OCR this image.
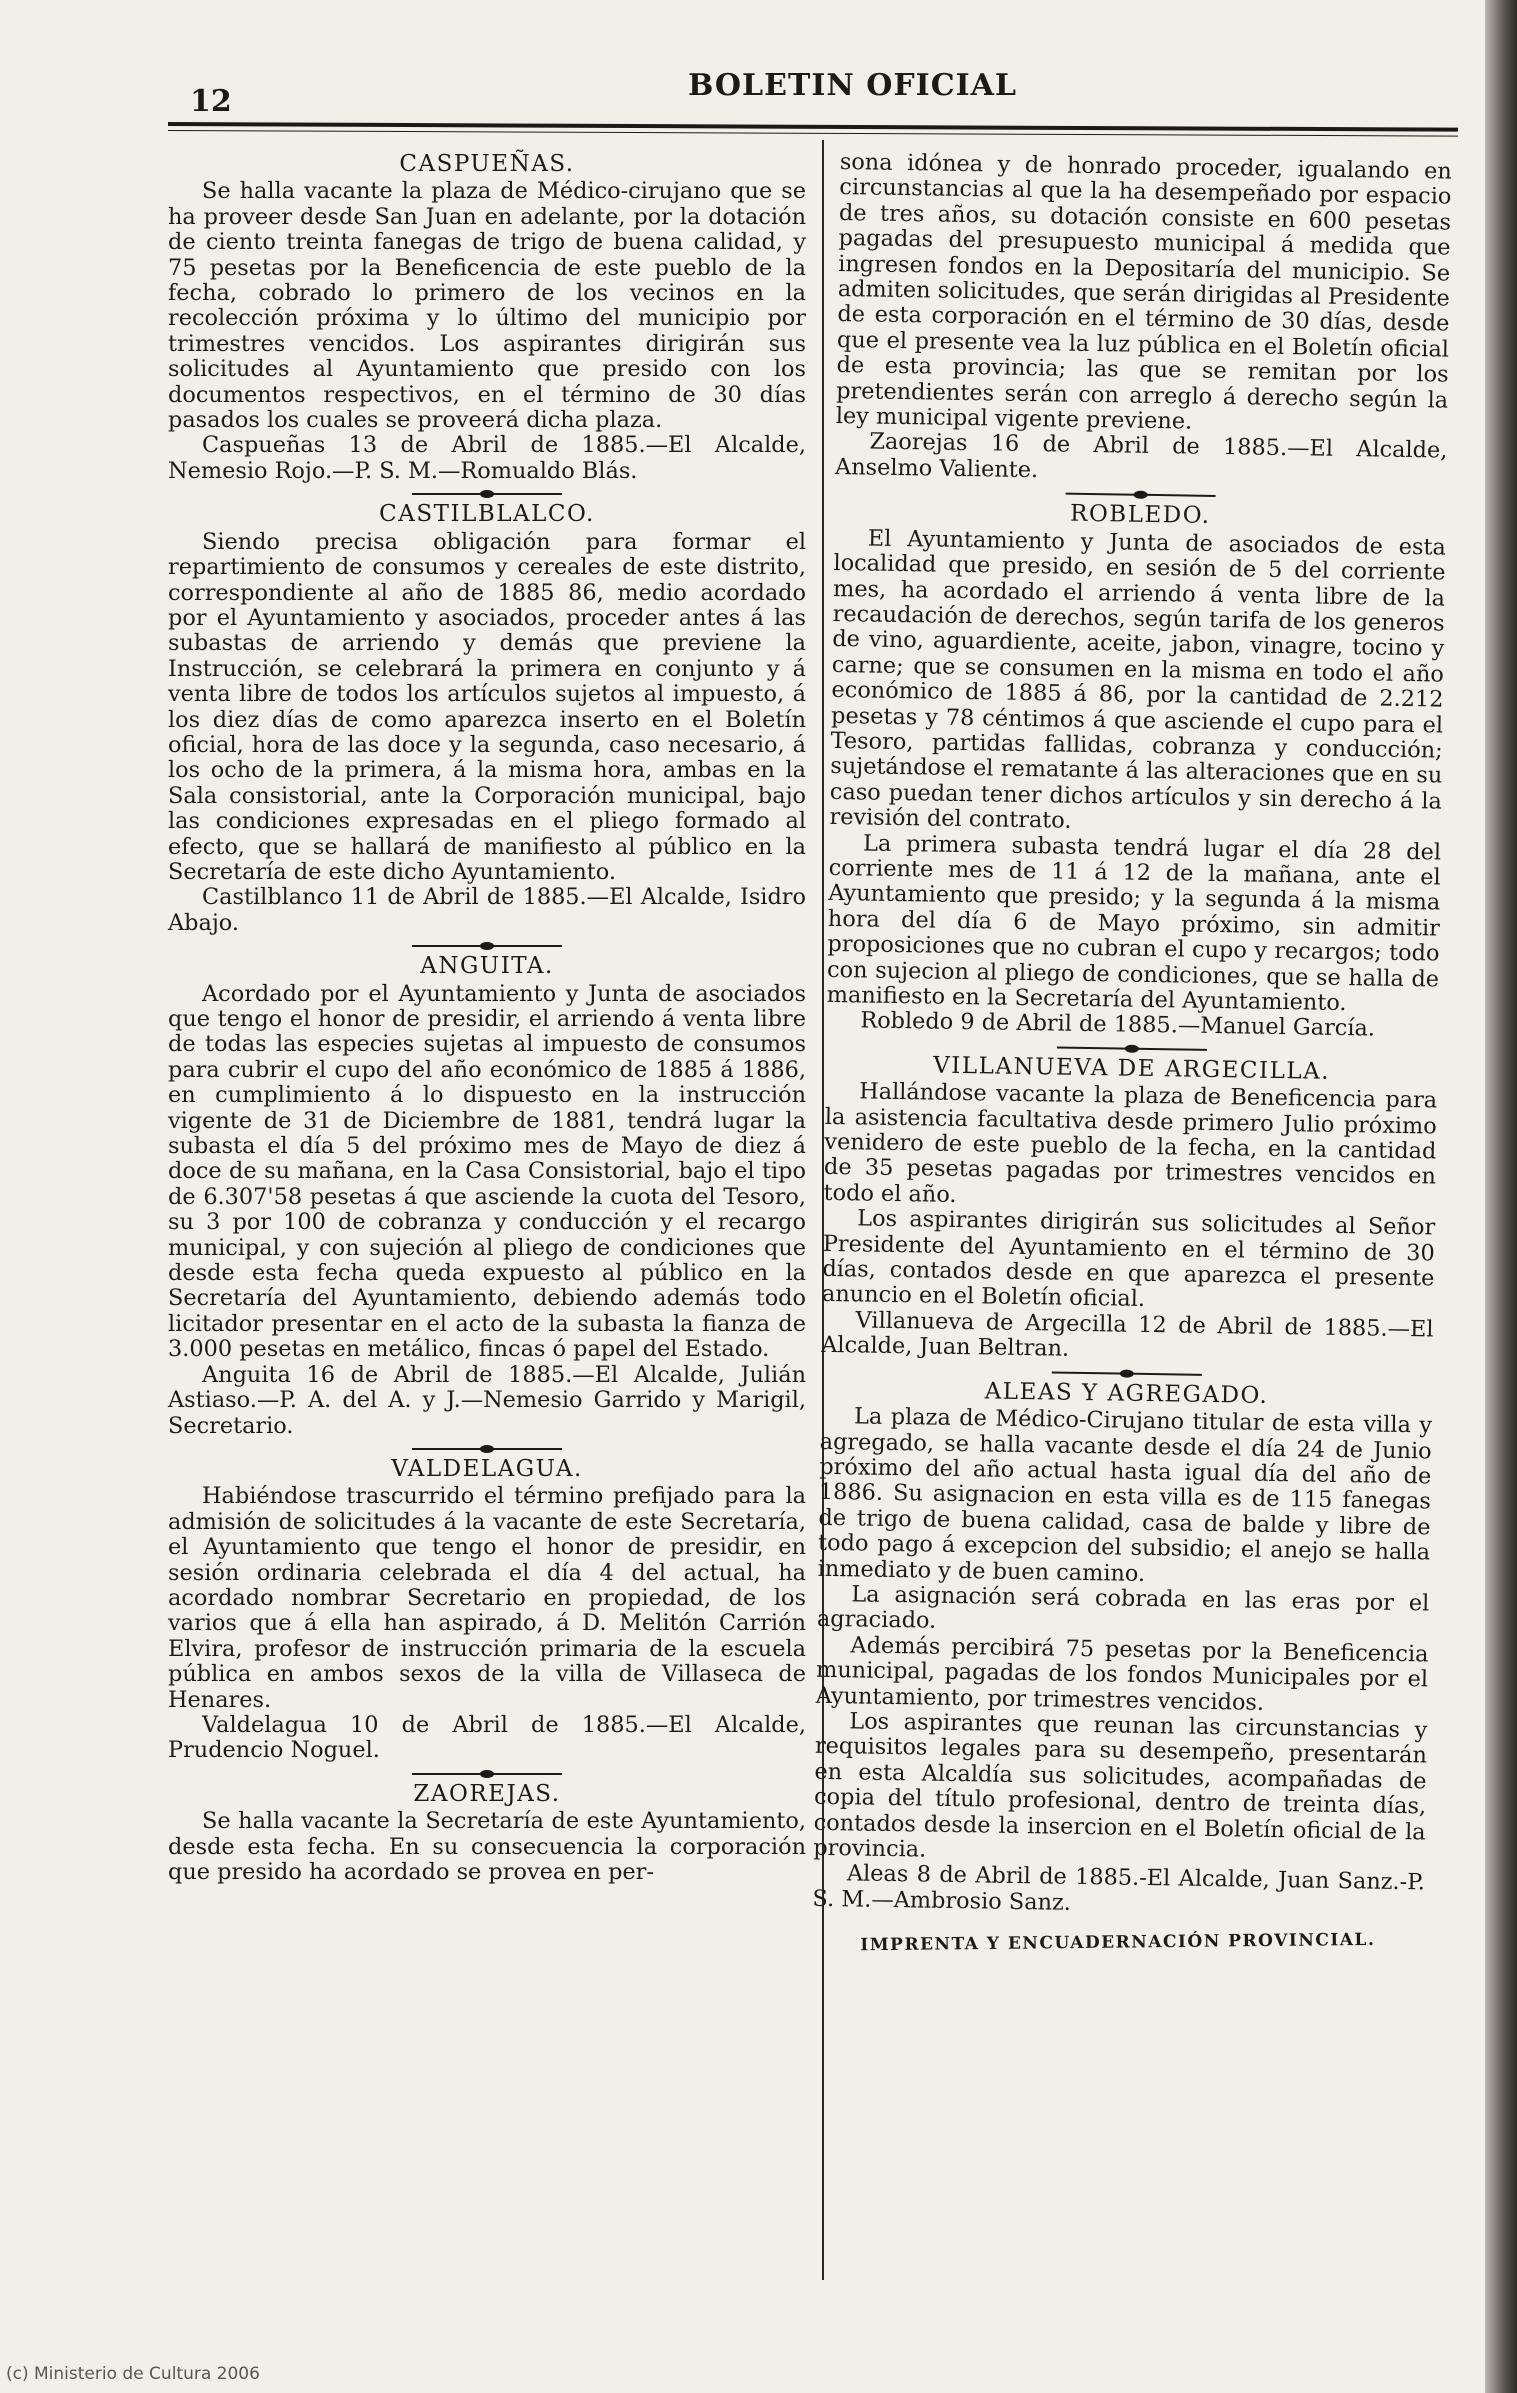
12	BOLETIN OFICIAL
CASPUEÑAS.

Se halla vacante la plaza de Médico-cirujano que se ha proveer desde San Juan en adelante, por la dotación de ciento treinta fanegas de trigo de buena calidad, y 75 pesetas por la Beneficencia de este pueblo de la fecha, cobrado lo primero de los vecinos en la recolección próxima y lo último del municipio por trimestres vencidos. Los aspirantes dirigirán sus solicitudes al Ayuntamiento que presido con los documentos respectivos, en el término de 30 días pasados los cuales se proveerá dicha plaza.

Caspueñas 13 de Abril de 1885.—El Alcalde, Nemesio Rojo.—P. S. M.—Romualdo Blás.

CASTILBLALCO.

Siendo precisa obligación para formar el repartimiento de consumos y cereales de este distrito, correspondiente al año de 1885 86, medio acordado por el Ayuntamiento y asociados, proceder antes á las subastas de arriendo y demás que previene la Instrucción, se celebrará la primera en conjunto y á venta libre de todos los artículos sujetos al impuesto, á los diez días de como aparezca inserto en el Boletín oficial, hora de las doce y la segunda, caso necesario, á los ocho de la primera, á la misma hora, ambas en la Sala consistorial, ante la Corporación municipal, bajo las condiciones expresadas en el pliego formado al efecto, que se hallará de manifiesto al público en la Secretaría de este dicho Ayuntamiento.

Castilblanco 11 de Abril de 1885.—El Alcalde, Isidro Abajo.

ANGUITA.

Acordado por el Ayuntamiento y Junta de asociados que tengo el honor de presidir, el arriendo á venta libre de todas las especies sujetas al impuesto de consumos para cubrir el cupo del año económico de 1885 á 1886, en cumplimiento á lo dispuesto en la instrucción vigente de 31 de Diciembre de 1881, tendrá lugar la subasta el día 5 del próximo mes de Mayo de diez á doce de su mañana, en la Casa Consistorial, bajo el tipo de 6.307'58 pesetas á que asciende la cuota del Tesoro, su 3 por 100 de cobranza y conducción y el recargo municipal, y con sujeción al pliego de condiciones que desde esta fecha queda expuesto al público en la Secretaría del Ayuntamiento, debiendo además todo licitador presentar en el acto de la subasta la fianza de 3.000 pesetas en metálico, fincas ó papel del Estado.

Anguita 16 de Abril de 1885.—El Alcalde, Julián Astiaso.—P. A. del A. y J.—Nemesio Garrido y Marigil, Secretario.

VALDELAGUA.

Habiéndose trascurrido el término prefijado para la admisión de solicitudes á la vacante de este Secretaría, el Ayuntamiento que tengo el honor de presidir, en sesión ordinaria celebrada el día 4 del actual, ha acordado nombrar Secretario en propiedad, de los varios que á ella han aspirado, á D. Melitón Carrión Elvira, profesor de instrucción primaria de la escuela pública en ambos sexos de la villa de Villaseca de Henares.

Valdelagua 10 de Abril de 1885.—El Alcalde, Prudencio Noguel.

ZAOREJAS.

Se halla vacante la Secretaría de este Ayuntamiento, desde esta fecha. En su consecuencia la corporación que presido ha acordado se provea en per-

sona idónea y de honrado proceder, igualando en circunstancias al que la ha desempeñado por espacio de tres años, su dotación consiste en 600 pesetas pagadas del presupuesto municipal á medida que ingresen fondos en la Depositaría del municipio. Se admiten solicitudes, que serán dirigidas al Presidente de esta corporación en el término de 30 días, desde que el presente vea la luz pública en el Boletín oficial de esta provincia; las que se remitan por los pretendientes serán con arreglo á derecho según la ley municipal vigente previene.

Zaorejas 16 de Abril de 1885.—El Alcalde, Anselmo Valiente.

ROBLEDO.

El Ayuntamiento y Junta de asociados de esta localidad que presido, en sesión de 5 del corriente mes, ha acordado el arriendo á venta libre de la recaudación de derechos, según tarifa de los generos de vino, aguardiente, aceite, jabon, vinagre, tocino y carne; que se consumen en la misma en todo el año económico de 1885 á 86, por la cantidad de 2.212 pesetas y 78 céntimos á que asciende el cupo para el Tesoro, partidas fallidas, cobranza y conducción; sujetándose el rematante á las alteraciones que en su caso puedan tener dichos artículos y sin derecho á la revisión del contrato.

La primera subasta tendrá lugar el día 28 del corriente mes de 11 á 12 de la mañana, ante el Ayuntamiento que presido; y la segunda á la misma hora del día 6 de Mayo próximo, sin admitir proposiciones que no cubran el cupo y recargos; todo con sujecion al pliego de condiciones, que se halla de manifiesto en la Secretaría del Ayuntamiento.

Robledo 9 de Abril de 1885.—Manuel García.

VILLANUEVA DE ARGECILLA.

Hallándose vacante la plaza de Beneficencia para la asistencia facultativa desde primero Julio próximo venidero de este pueblo de la fecha, en la cantidad de 35 pesetas pagadas por trimestres vencidos en todo el año.

Los aspirantes dirigirán sus solicitudes al Señor Presidente del Ayuntamiento en el término de 30 días, contados desde en que aparezca el presente anuncio en el Boletín oficial.

Villanueva de Argecilla 12 de Abril de 1885.—El Alcalde, Juan Beltran.

ALEAS Y AGREGADO.

La plaza de Médico-Cirujano titular de esta villa y agregado, se halla vacante desde el día 24 de Junio próximo del año actual hasta igual día del año de 1886. Su asignacion en esta villa es de 115 fanegas de trigo de buena calidad, casa de balde y libre de todo pago á excepcion del subsidio; el anejo se halla inmediato y de buen camino.

La asignación será cobrada en las eras por el agraciado.

Además percibirá 75 pesetas por la Beneficencia municipal, pagadas de los fondos Municipales por el Ayuntamiento, por trimestres vencidos.

Los aspirantes que reunan las circunstancias y requisitos legales para su desempeño, presentarán en esta Alcaldía sus solicitudes, acompañadas de copia del título profesional, dentro de treinta días, contados desde la insercion en el Boletín oficial de la provincia.

Aleas 8 de Abril de 1885.-El Alcalde, Juan Sanz.-P. S. M.—Ambrosio Sanz.

IMPRENTA Y ENCUADERNACIÓN PROVINCIAL.
(c) Ministerio de Cultura 2006
